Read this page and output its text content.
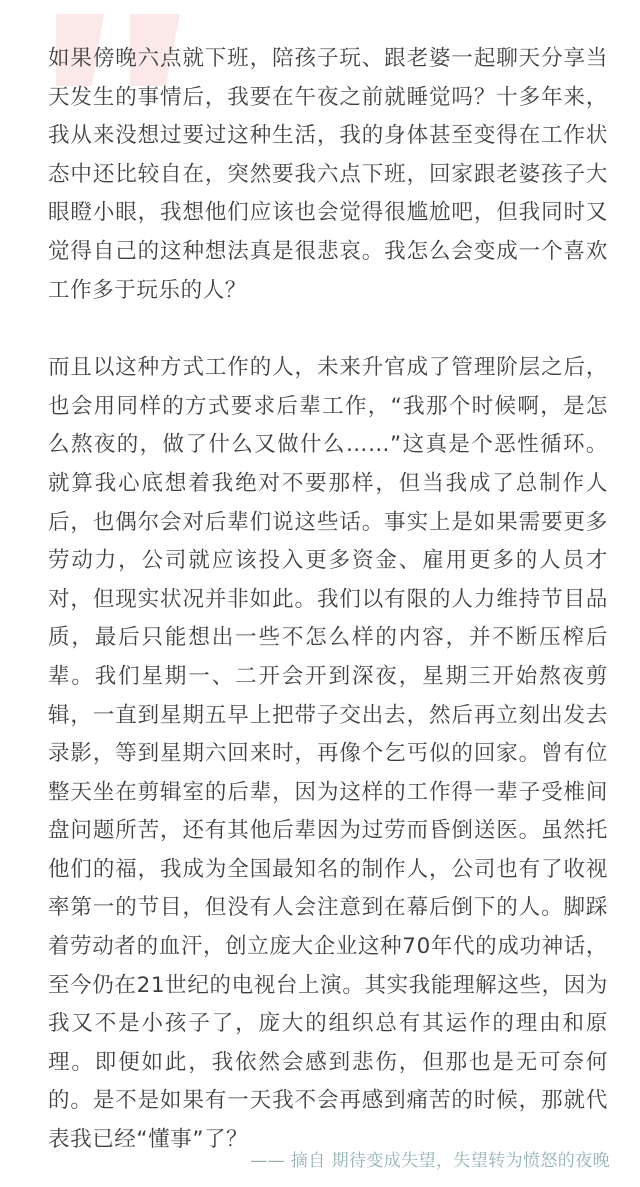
如果傍晚六点就下班，陪孩子玩、跟老婆一起聊天分享当天发生的事情后，我要在午夜之前就睡觉吗？十多年来，我从来没想过要过这种生活，我的身体甚至变得在工作状态中还比较自在，突然要我六点下班，回家跟老婆孩子大眼瞪小眼，我想他们应该也会觉得很尴尬吧，但我同时又觉得自己的这种想法真是很悲哀。我怎么会变成一个喜欢工作多于玩乐的人？

而且以这种方式工作的人，未来升官成了管理阶层之后，也会用同样的方式要求后辈工作，“我那个时候啊，是怎么熬夜的，做了什么又做什么……”这真是个恶性循环。就算我心底想着我绝对不要那样，但当我成了总制作人后，也偶尔会对后辈们说这些话。事实上是如果需要更多劳动力，公司就应该投入更多资金、雇用更多的人员才对，但现实状况并非如此。我们以有限的人力维持节目品质，最后只能想出一些不怎么样的内容，并不断压榨后辈。我们星期一、二开会开到深夜，星期三开始熬夜剪辑，一直到星期五早上把带子交出去，然后再立刻出发去录影，等到星期六回来时，再像个乞丐似的回家。曾有位整天坐在剪辑室的后辈，因为这样的工作得一辈子受椎间盘问题所苦，还有其他后辈因为过劳而昏倒送医。虽然托他们的福，我成为全国最知名的制作人，公司也有了收视率第一的节目，但没有人会注意到在幕后倒下的人。脚踩着劳动者的血汗，创立庞大企业这种70年代的成功神话，至今仍在21世纪的电视台上演。其实我能理解这些，因为我又不是小孩子了，庞大的组织总有其运作的理由和原理。即便如此，我依然会感到悲伤，但那也是无可奈何的。是不是如果有一天我不会再感到痛苦的时候，那就代表我已经“懂事”了？

—— 摘自 期待变成失望，失望转为愤怒的夜晚
